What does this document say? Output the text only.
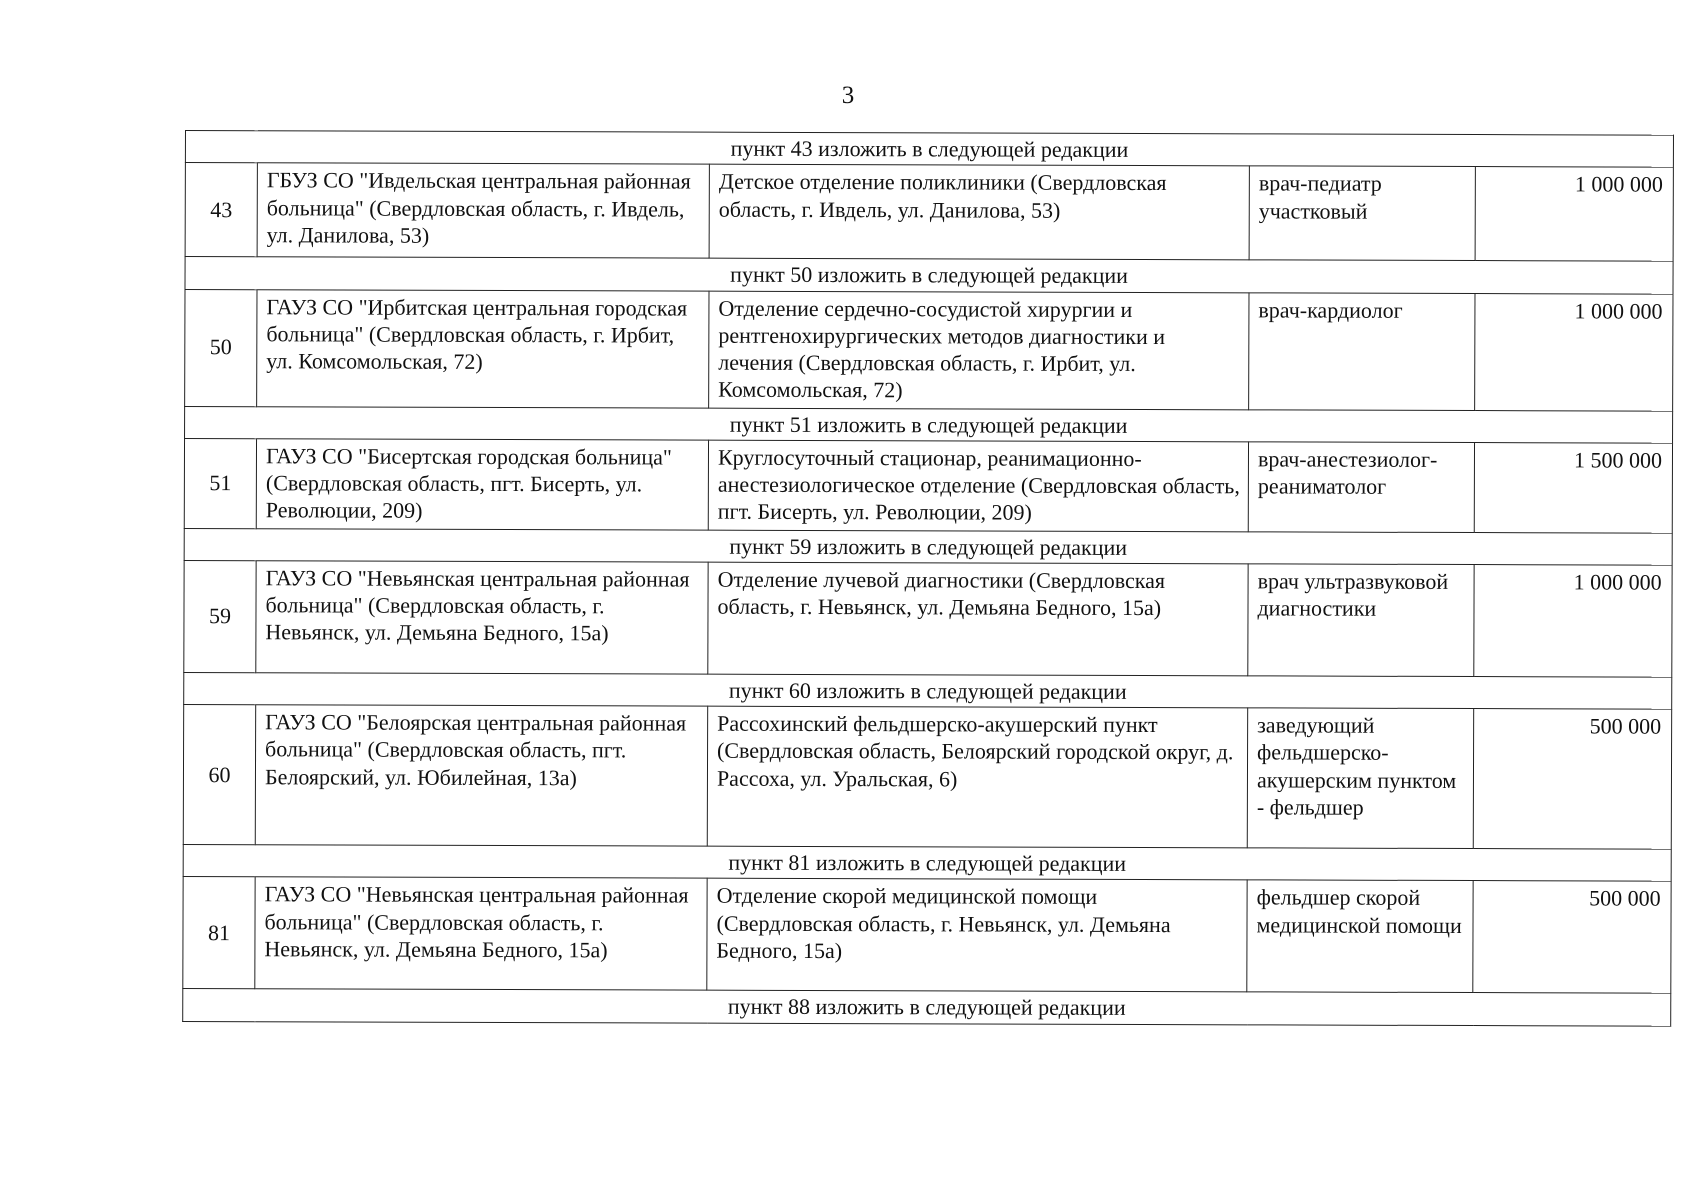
3
пункт 43 изложить в следующей редакции				
43	ГБУЗ СО "Ивдельская центральная районная больница" (Свердловская область, г. Ивдель, ул. Данилова, 53)	Детское отделение поликлиники (Свердловская область, г. Ивдель, ул. Данилова, 53)	врач-педиатр участковый	1 000 000
пункт 50 изложить в следующей редакции				
50	ГАУЗ СО "Ирбитская центральная городская больница" (Свердловская область, г. Ирбит, ул. Комсомольская, 72)	Отделение сердечно-сосудистой хирургии и рентгенохирургических методов диагностики и лечения (Свердловская область, г. Ирбит, ул. Комсомольская, 72)	врач-кардиолог	1 000 000
пункт 51 изложить в следующей редакции				
51	ГАУЗ СО "Бисертская городская больница" (Свердловская область, пгт. Бисерть, ул. Революции, 209)	Круглосуточный стационар, реанимационно-анестезиологическое отделение (Свердловская область, пгт. Бисерть, ул. Революции, 209)	врач-анестезиолог-реаниматолог	1 500 000
пункт 59 изложить в следующей редакции				
59	ГАУЗ СО "Невьянская центральная районная больница" (Свердловская область, г. Невьянск, ул. Демьяна Бедного, 15а)	Отделение лучевой диагностики (Свердловская область, г. Невьянск, ул. Демьяна Бедного, 15а)	врач ультразвуковой диагностики	1 000 000
пункт 60 изложить в следующей редакции				
60	ГАУЗ СО "Белоярская центральная районная больница" (Свердловская область, пгт. Белоярский, ул. Юбилейная, 13а)	Рассохинский фельдшерско-акушерский пункт (Свердловская область, Белоярский городской округ, д. Рассоха, ул. Уральская, 6)	заведующий фельдшерско-акушерским пунктом - фельдшер	500 000
пункт 81 изложить в следующей редакции				
81	ГАУЗ СО "Невьянская центральная районная больница" (Свердловская область, г. Невьянск, ул. Демьяна Бедного, 15а)	Отделение скорой медицинской помощи (Свердловская область, г. Невьянск, ул. Демьяна Бедного, 15а)	фельдшер скорой медицинской помощи	500 000
пункт 88 изложить в следующей редакции				
